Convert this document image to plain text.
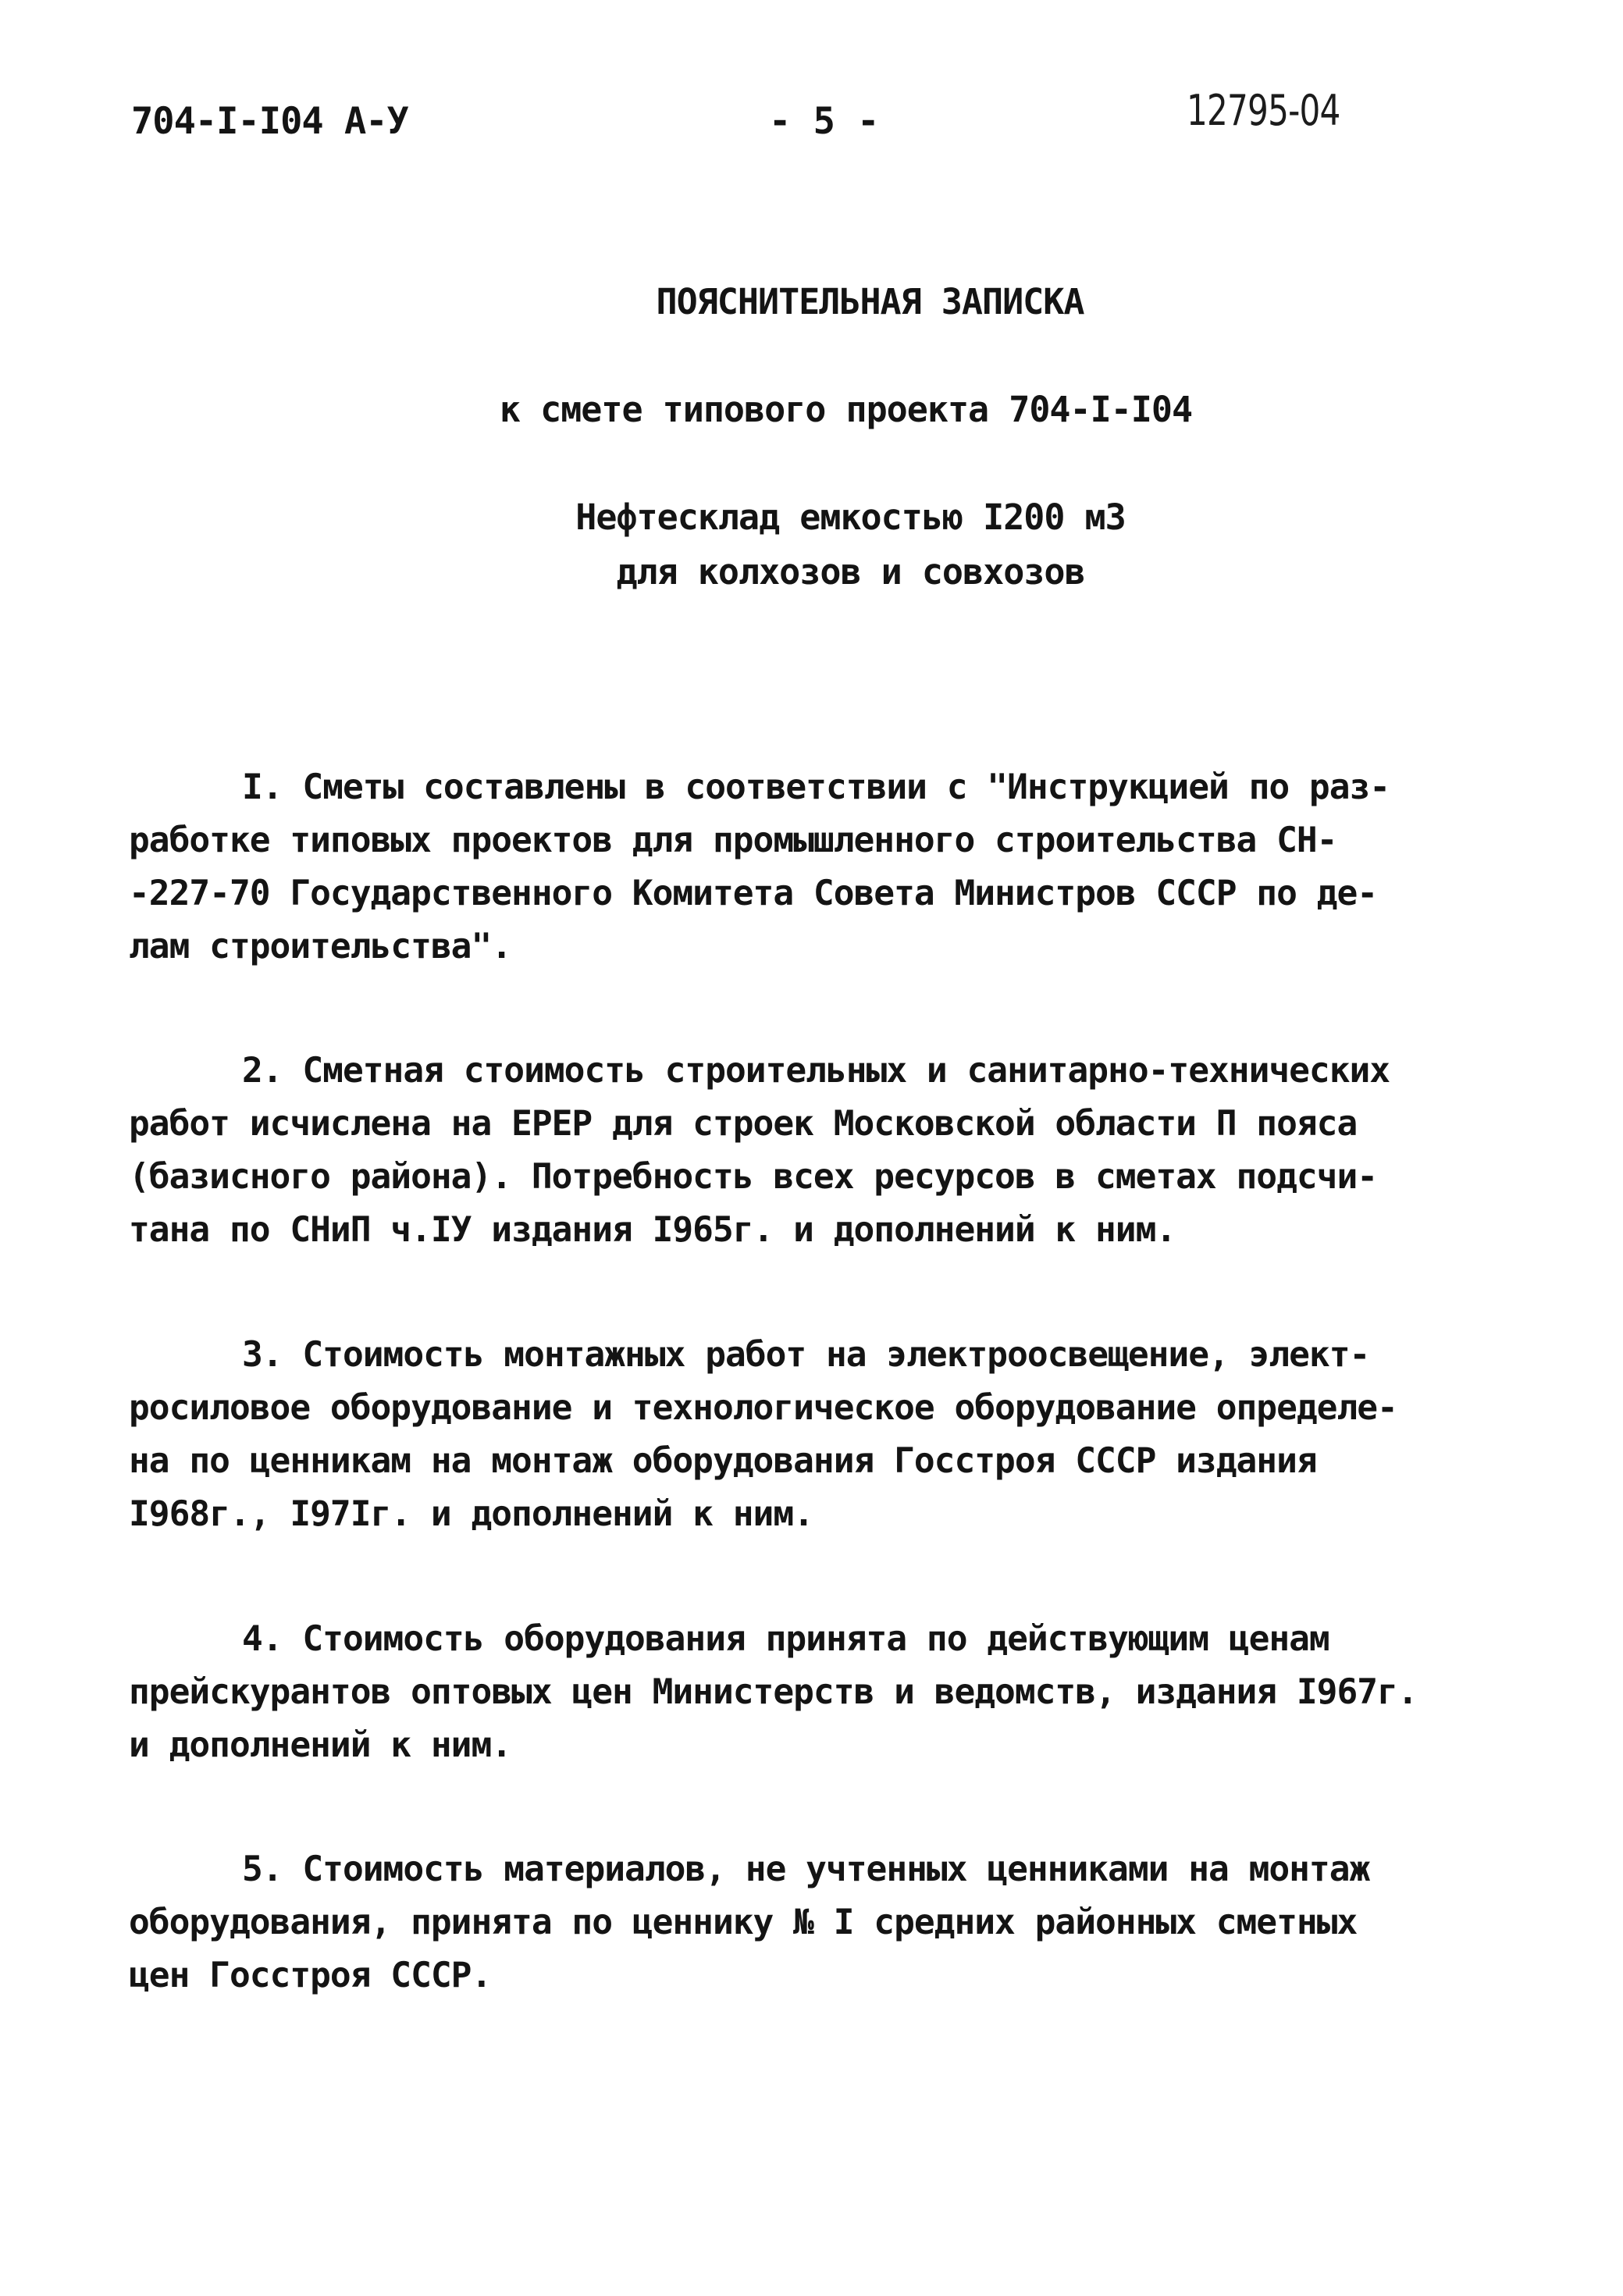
704-I-I04 А-У	- 5 -	12795-04
ПОЯСНИТЕЛЬНАЯ ЗАПИСКА
к смете типового проекта 704-I-I04
Нефтесклад емкостью I200 м3
для колхозов и совхозов
I. Сметы составлены в соответствии с "Инструкцией по раз-
работке типовых проектов для промышленного строительства СН-
-227-70 Государственного Комитета Совета Министров СССР по де-
лам строительства".
2. Сметная стоимость строительных и санитарно-технических
работ исчислена на ЕРЕР для строек Московской области П пояса
(базисного района). Потребность всех ресурсов в сметах подсчи-
тана по СНиП ч.IУ издания I965г. и дополнений к ним.
3. Стоимость монтажных работ на электроосвещение, элект-
росиловое оборудование и технологическое оборудование определе-
на по ценникам на монтаж оборудования Госстроя СССР издания
I968г., I97Iг. и дополнений к ним.
4. Стоимость оборудования принята по действующим ценам
прейскурантов оптовых цен Министерств и ведомств, издания I967г.
и дополнений к ним.
5. Стоимость материалов, не учтенных ценниками на монтаж
оборудования, принята по ценнику № I средних районных сметных
цен Госстроя СССР.
